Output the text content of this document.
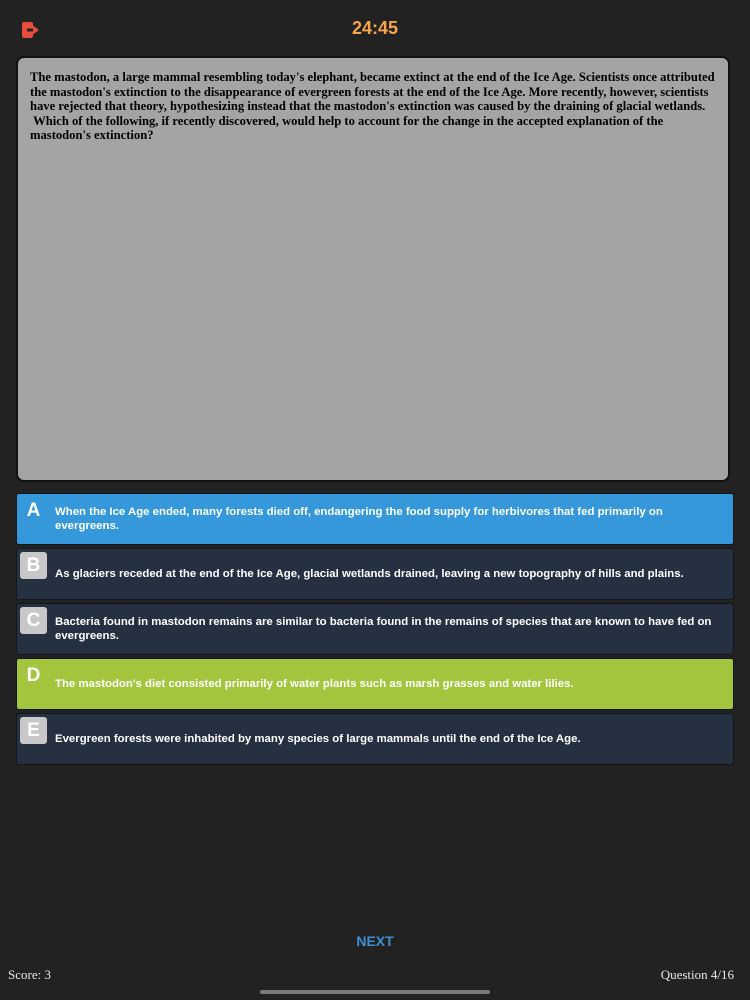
24:45

The mastodon, a large mammal resembling today's elephant, became extinct at the end of the Ice Age. Scientists once attributed the mastodon's extinction to the disappearance of evergreen forests at the end of the Ice Age. More recently, however, scientists have rejected that theory, hypothesizing instead that the mastodon's extinction was caused by the draining of glacial wetlands.
Which of the following, if recently discovered, would help to account for the change in the accepted explanation of the mastodon's extinction?

A	When the Ice Age ended, many forests died off, endangering the food supply for herbivores that fed primarily on evergreens.
B	As glaciers receded at the end of the Ice Age, glacial wetlands drained, leaving a new topography of hills and plains.
C	Bacteria found in mastodon remains are similar to bacteria found in the remains of species that are known to have fed on evergreens.
D	The mastodon's diet consisted primarily of water plants such as marsh grasses and water lilies.
E	Evergreen forests were inhabited by many species of large mammals until the end of the Ice Age.
NEXT
Score: 3	Question 4/16
